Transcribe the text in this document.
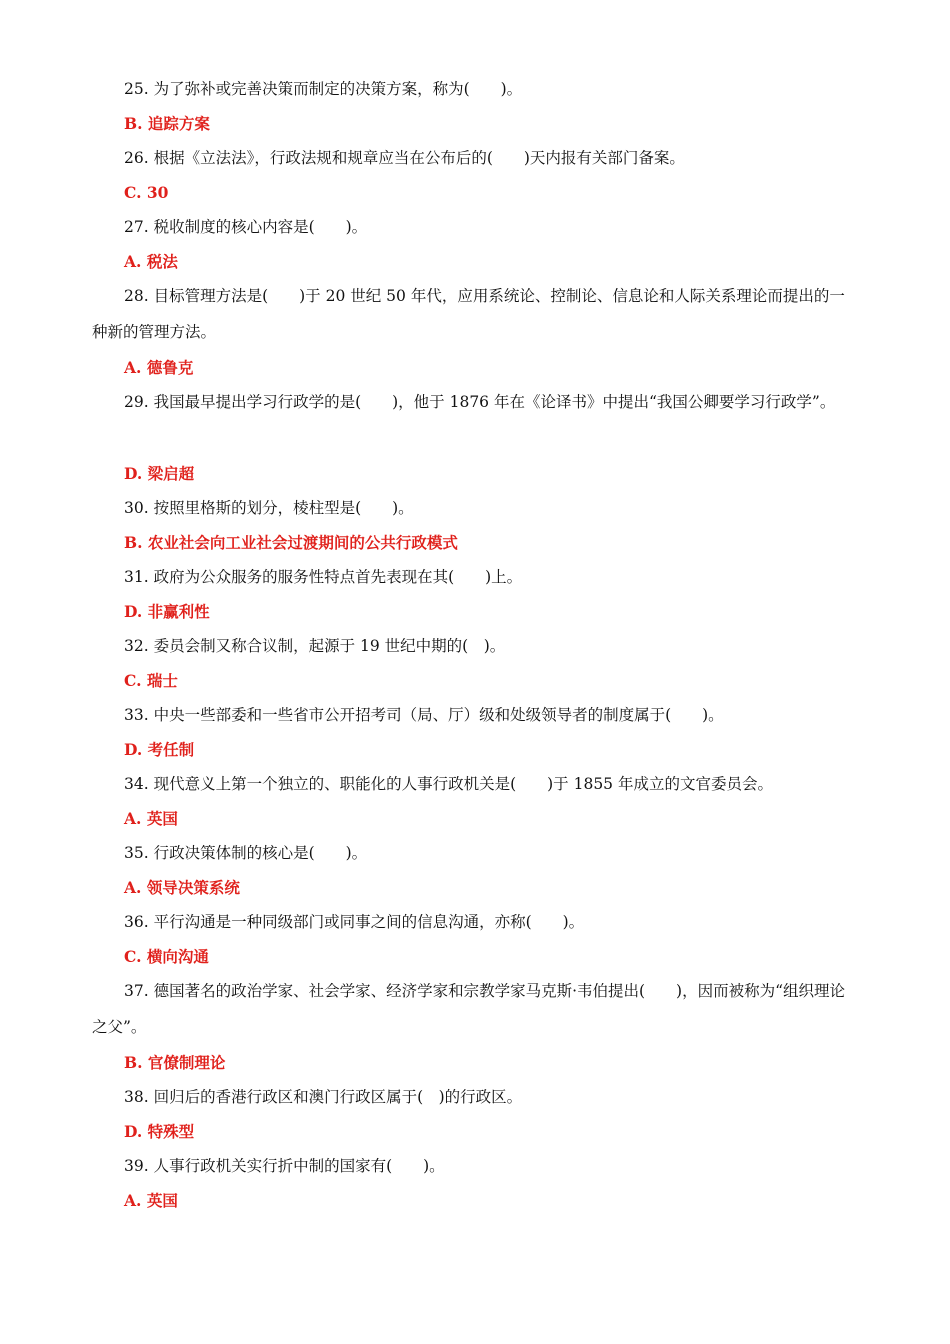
25. 为了弥补或完善决策而制定的决策方案，称为(　　)。
B. 追踪方案
26. 根据《立法法》，行政法规和规章应当在公布后的(　　)天内报有关部门备案。
C. 30
27. 税收制度的核心内容是(　　)。
A. 税法
28. 目标管理方法是(　　)于 20 世纪 50 年代，应用系统论、控制论、信息论和人际关系理论而提出的一种新的管理方法。
A. 德鲁克
29. 我国最早提出学习行政学的是(　　)，他于 1876 年在《论译书》中提出“我国公卿要学习行政学”。
D. 梁启超
30. 按照里格斯的划分，棱柱型是(　　)。
B. 农业社会向工业社会过渡期间的公共行政模式
31. 政府为公众服务的服务性特点首先表现在其(　　)上。
D. 非赢利性
32. 委员会制又称合议制，起源于 19 世纪中期的(　)。
C. 瑞士
33. 中央一些部委和一些省市公开招考司（局、厅）级和处级领导者的制度属于(　　)。
D. 考任制
34. 现代意义上第一个独立的、职能化的人事行政机关是(　　)于 1855 年成立的文官委员会。
A. 英国
35. 行政决策体制的核心是(　　)。
A. 领导决策系统
36. 平行沟通是一种同级部门或同事之间的信息沟通，亦称(　　)。
C. 横向沟通
37. 德国著名的政治学家、社会学家、经济学家和宗教学家马克斯·韦伯提出(　　)，因而被称为“组织理论之父”。
B. 官僚制理论
38. 回归后的香港行政区和澳门行政区属于(　)的行政区。
D. 特殊型
39. 人事行政机关实行折中制的国家有(　　)。
A. 英国
